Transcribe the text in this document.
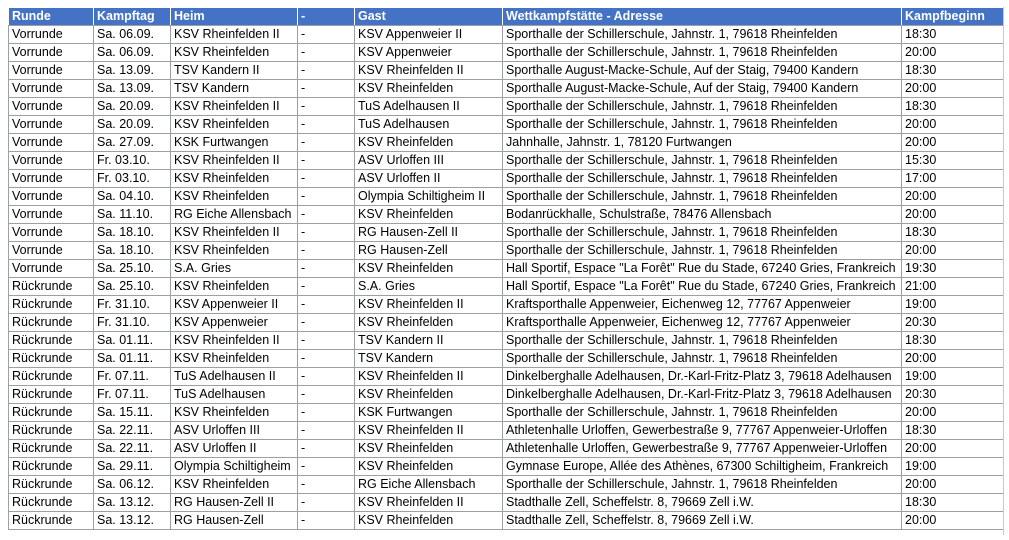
Runde	Kampftag	Heim	-	Gast	Wettkampfstätte - Adresse	Kampfbeginn
Vorrunde	Sa. 06.09.	KSV Rheinfelden II	-	KSV Appenweier II	Sporthalle der Schillerschule, Jahnstr. 1, 79618 Rheinfelden	18:30
Vorrunde	Sa. 06.09.	KSV Rheinfelden	-	KSV Appenweier	Sporthalle der Schillerschule, Jahnstr. 1, 79618 Rheinfelden	20:00
Vorrunde	Sa. 13.09.	TSV Kandern II	-	KSV Rheinfelden II	Sporthalle August-Macke-Schule, Auf der Staig, 79400 Kandern	18:30
Vorrunde	Sa. 13.09.	TSV Kandern	-	KSV Rheinfelden	Sporthalle August-Macke-Schule, Auf der Staig, 79400 Kandern	20:00
Vorrunde	Sa. 20.09.	KSV Rheinfelden II	-	TuS Adelhausen II	Sporthalle der Schillerschule, Jahnstr. 1, 79618 Rheinfelden	18:30
Vorrunde	Sa. 20.09.	KSV Rheinfelden	-	TuS Adelhausen	Sporthalle der Schillerschule, Jahnstr. 1, 79618 Rheinfelden	20:00
Vorrunde	Sa. 27.09.	KSK Furtwangen	-	KSV Rheinfelden	Jahnhalle, Jahnstr. 1, 78120 Furtwangen	20:00
Vorrunde	Fr. 03.10.	KSV Rheinfelden II	-	ASV Urloffen III	Sporthalle der Schillerschule, Jahnstr. 1, 79618 Rheinfelden	15:30
Vorrunde	Fr. 03.10.	KSV Rheinfelden	-	ASV Urloffen II	Sporthalle der Schillerschule, Jahnstr. 1, 79618 Rheinfelden	17:00
Vorrunde	Sa. 04.10.	KSV Rheinfelden	-	Olympia Schiltigheim II	Sporthalle der Schillerschule, Jahnstr. 1, 79618 Rheinfelden	20:00
Vorrunde	Sa. 11.10.	RG Eiche Allensbach	-	KSV Rheinfelden	Bodanrückhalle, Schulstraße, 78476 Allensbach	20:00
Vorrunde	Sa. 18.10.	KSV Rheinfelden II	-	RG Hausen-Zell II	Sporthalle der Schillerschule, Jahnstr. 1, 79618 Rheinfelden	18:30
Vorrunde	Sa. 18.10.	KSV Rheinfelden	-	RG Hausen-Zell	Sporthalle der Schillerschule, Jahnstr. 1, 79618 Rheinfelden	20:00
Vorrunde	Sa. 25.10.	S.A. Gries	-	KSV Rheinfelden	Hall Sportif, Espace "La Forêt" Rue du Stade, 67240 Gries, Frankreich	19:30
Rückrunde	Sa. 25.10.	KSV Rheinfelden	-	S.A. Gries	Hall Sportif, Espace "La Forêt" Rue du Stade, 67240 Gries, Frankreich	21:00
Rückrunde	Fr. 31.10.	KSV Appenweier II	-	KSV Rheinfelden II	Kraftsporthalle Appenweier, Eichenweg 12, 77767 Appenweier	19:00
Rückrunde	Fr. 31.10.	KSV Appenweier	-	KSV Rheinfelden	Kraftsporthalle Appenweier, Eichenweg 12, 77767 Appenweier	20:30
Rückrunde	Sa. 01.11.	KSV Rheinfelden II	-	TSV Kandern II	Sporthalle der Schillerschule, Jahnstr. 1, 79618 Rheinfelden	18:30
Rückrunde	Sa. 01.11.	KSV Rheinfelden	-	TSV Kandern	Sporthalle der Schillerschule, Jahnstr. 1, 79618 Rheinfelden	20:00
Rückrunde	Fr. 07.11.	TuS Adelhausen II	-	KSV Rheinfelden II	Dinkelberghalle Adelhausen, Dr.-Karl-Fritz-Platz 3, 79618 Adelhausen	19:00
Rückrunde	Fr. 07.11.	TuS Adelhausen	-	KSV Rheinfelden	Dinkelberghalle Adelhausen, Dr.-Karl-Fritz-Platz 3, 79618 Adelhausen	20:30
Rückrunde	Sa. 15.11.	KSV Rheinfelden	-	KSK Furtwangen	Sporthalle der Schillerschule, Jahnstr. 1, 79618 Rheinfelden	20:00
Rückrunde	Sa. 22.11.	ASV Urloffen III	-	KSV Rheinfelden II	Athletenhalle Urloffen, Gewerbestraße 9, 77767 Appenweier-Urloffen	18:30
Rückrunde	Sa. 22.11.	ASV Urloffen II	-	KSV Rheinfelden	Athletenhalle Urloffen, Gewerbestraße 9, 77767 Appenweier-Urloffen	20:00
Rückrunde	Sa. 29.11.	Olympia Schiltigheim	-	KSV Rheinfelden	Gymnase Europe, Allée des Athènes, 67300 Schiltigheim, Frankreich	19:00
Rückrunde	Sa. 06.12.	KSV Rheinfelden	-	RG Eiche Allensbach	Sporthalle der Schillerschule, Jahnstr. 1, 79618 Rheinfelden	20:00
Rückrunde	Sa. 13.12.	RG Hausen-Zell II	-	KSV Rheinfelden II	Stadthalle Zell, Scheffelstr. 8, 79669 Zell i.W.	18:30
Rückrunde	Sa. 13.12.	RG Hausen-Zell	-	KSV Rheinfelden	Stadthalle Zell, Scheffelstr. 8, 79669 Zell i.W.	20:00
